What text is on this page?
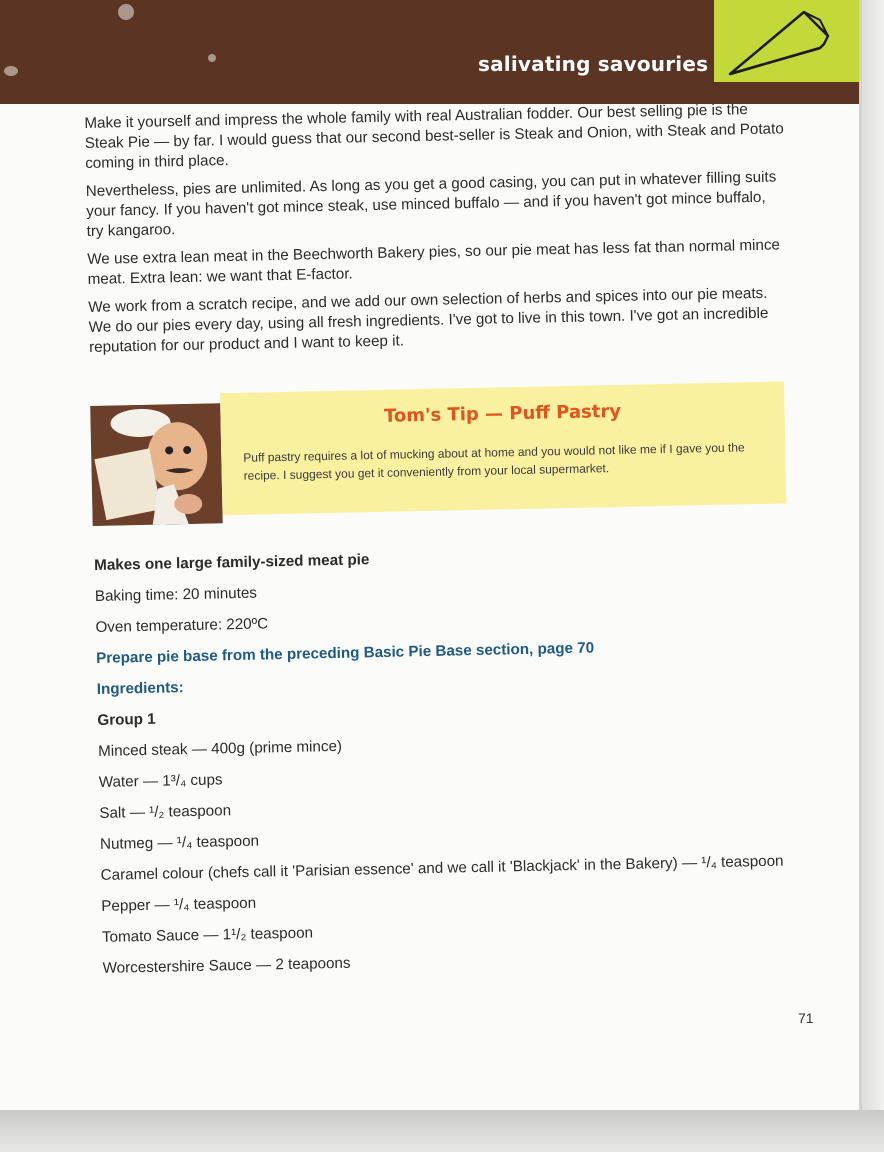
salivating savouries

Make it yourself and impress the whole family with real Australian fodder. Our best selling pie is the Steak Pie — by far. I would guess that our second best-seller is Steak and Onion, with Steak and Potato coming in third place.

Nevertheless, pies are unlimited. As long as you get a good casing, you can put in whatever filling suits your fancy. If you haven't got mince steak, use minced buffalo — and if you haven't got mince buffalo, try kangaroo.

We use extra lean meat in the Beechworth Bakery pies, so our pie meat has less fat than normal mince meat. Extra lean: we want that E-factor.

We work from a scratch recipe, and we add our own selection of herbs and spices into our pie meats. We do our pies every day, using all fresh ingredients. I've got to live in this town. I've got an incredible reputation for our product and I want to keep it.

Tom's Tip — Puff Pastry
Puff pastry requires a lot of mucking about at home and you would not like me if I gave you the recipe. I suggest you get it conveniently from your local supermarket.
Makes one large family-sized meat pie
Baking time: 20 minutes
Oven temperature: 220ºC
Prepare pie base from the preceding Basic Pie Base section, page 70
Ingredients:
Group 1
Minced steak — 400g (prime mince)
Water — 1³/₄ cups
Salt — ¹/₂ teaspoon
Nutmeg — ¹/₄ teaspoon
Caramel colour (chefs call it 'Parisian essence' and we call it 'Blackjack' in the Bakery) — ¹/₄ teaspoon
Pepper — ¹/₄ teaspoon
Tomato Sauce — 1¹/₂ teaspoon
Worcestershire Sauce — 2 teapoons
71
